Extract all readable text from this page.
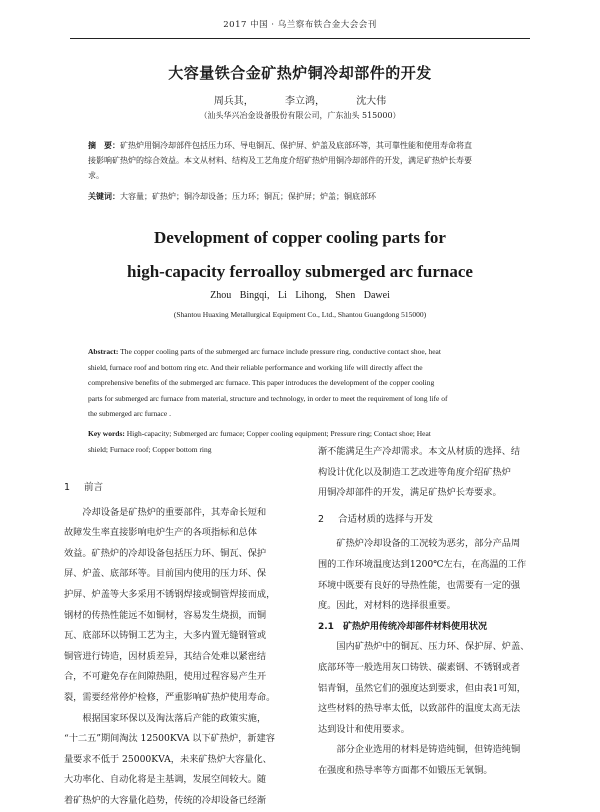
2017 中国 · 乌兰察布铁合金大会会刊
大容量铁合金矿热炉铜冷却部件的开发
周兵其，	李立鸿，	沈大伟
（汕头华兴冶金设备股份有限公司，广东汕头 515000）
摘　要：矿热炉用铜冷却部件包括压力环、导电铜瓦、保护屏、炉盖及底部环等，其可靠性能和使用寿命将直
接影响矿热炉的综合效益。本文从材料、结构及工艺角度介绍矿热炉用铜冷却部件的开发，满足矿热炉长寿要
求。
关键词：大容量；矿热炉；铜冷却设备；压力环；铜瓦；保护屏；炉盖；铜底部环
Development of copper cooling parts for
high-capacity ferroalloy submerged arc furnace
Zhou Bingqi, Li Lihong, Shen Dawei
(Shantou Huaxing Metallurgical Equipment Co., Ltd., Shantou Guangdong 515000)
Abstract: The copper cooling parts of the submerged arc furnace include pressure ring, conductive contact shoe, heat
shield, furnace roof and bottom ring etc. And their reliable performance and working life will directly affect the
comprehensive benefits of the submerged arc furnace. This paper introduces the development of the copper cooling
parts for submerged arc furnace from material, structure and technology, in order to meet the requirement of long life of
the submerged arc furnace .
Key words: High-capacity; Submerged arc furnace; Copper cooling equipment; Pressure ring; Contact shoe; Heat
shield; Furnace roof; Copper bottom ring
1 前言
冷却设备是矿热炉的重要部件，其寿命长短和
故障发生率直接影响电炉生产的各项指标和总体
效益。矿热炉的冷却设备包括压力环、铜瓦、保护
屏、炉盖、底部环等。目前国内使用的压力环、保
护屏、炉盖等大多采用不锈钢焊接或铜管焊接而成，
钢材的传热性能远不如铜材，容易发生烧损，而铜
瓦、底部环以铸铜工艺为主，大多内置无缝钢管或
铜管进行铸造，因材质差异，其结合处难以紧密结
合，不可避免存在间隙热阻，使用过程容易产生开
裂，需要经常停炉检修，严重影响矿热炉使用寿命。
根据国家环保以及淘汰落后产能的政策实施，
“十二五”期间淘汰 12500KVA 以下矿热炉，新建容
量要求不低于 25000KVA，未来矿热炉大容量化、
大功率化、自动化将是主基调，发展空间较大。随
着矿热炉的大容量化趋势，传统的冷却设备已经渐
渐不能满足生产冷却需求。本文从材质的选择、结
构设计优化以及制造工艺改进等角度介绍矿热炉
用铜冷却部件的开发，满足矿热炉长寿要求。
2 合适材质的选择与开发
矿热炉冷却设备的工况较为恶劣，部分产品周
围的工作环境温度达到1200℃左右，在高温的工作
环境中既要有良好的导热性能，也需要有一定的强
度。因此，对材料的选择很重要。
2.1　矿热炉用传统冷却部件材料使用状况
国内矿热炉中的铜瓦、压力环、保护屏、炉盖、
底部环等一般选用灰口铸铁、碳素钢、不锈钢或者
铝青铜，虽然它们的强度达到要求，但由表1可知，
这些材料的热导率太低，以致部件的温度太高无法
达到设计和使用要求。
部分企业选用的材料是铸造纯铜，但铸造纯铜
在强度和热导率等方面都不如锻压无氧铜。
